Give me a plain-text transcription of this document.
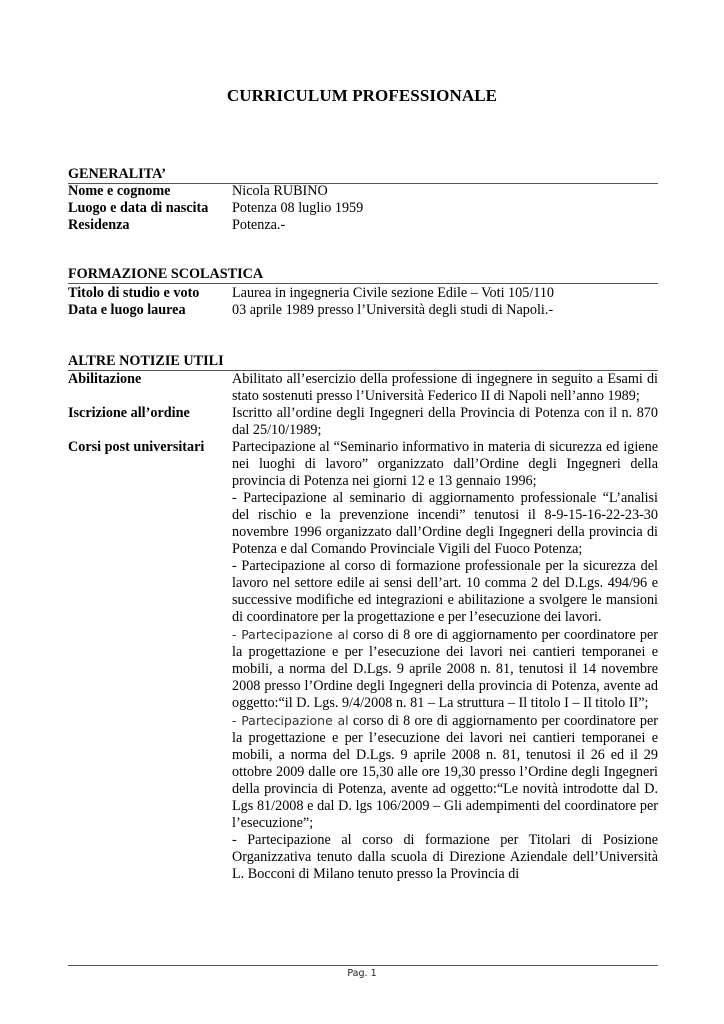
CURRICULUM PROFESSIONALE
GENERALITA’
Nome e cognome	Nicola RUBINO
Luogo e data di nascita	Potenza 08 luglio 1959
Residenza	Potenza.-
FORMAZIONE SCOLASTICA
Titolo di studio e voto	Laurea in ingegneria Civile sezione Edile – Voti 105/110
Data e luogo laurea	03 aprile 1989 presso l’Università degli studi di Napoli.-
ALTRE NOTIZIE UTILI
Abilitazione	Abilitato all’esercizio della professione di ingegnere in seguito a Esami di stato sostenuti presso l’Università Federico II di Napoli nell’anno 1989;
Iscrizione all’ordine	Iscritto all’ordine degli Ingegneri della Provincia di Potenza con il n. 870 dal 25/10/1989;
Corsi post universitari	Partecipazione al “Seminario informativo in materia di sicurezza ed igiene nei luoghi di lavoro” organizzato dall’Ordine degli Ingegneri della provincia di Potenza nei giorni 12 e 13 gennaio 1996;
- Partecipazione al seminario di aggiornamento professionale “L’analisi del rischio e la prevenzione incendi” tenutosi il 8-9-15-16-22-23-30 novembre 1996 organizzato dall’Ordine degli Ingegneri della provincia di Potenza e dal Comando Provinciale Vigili del Fuoco Potenza;
- Partecipazione al corso di formazione professionale per la sicurezza del lavoro nel settore edile ai sensi dell’art. 10 comma 2 del D.Lgs. 494/96 e successive modifiche ed integrazioni e abilitazione a svolgere le mansioni di coordinatore per la progettazione e per l’esecuzione dei lavori.
- Partecipazione al corso di 8 ore di aggiornamento per coordinatore per la progettazione e per l’esecuzione dei lavori nei cantieri temporanei e mobili, a norma del D.Lgs. 9 aprile 2008 n. 81, tenutosi il 14 novembre 2008 presso l’Ordine degli Ingegneri della provincia di Potenza, avente ad oggetto:“il D. Lgs. 9/4/2008 n. 81 – La struttura – Il titolo I – Il titolo II”;
- Partecipazione al corso di 8 ore di aggiornamento per coordinatore per la progettazione e per l’esecuzione dei lavori nei cantieri temporanei e mobili, a norma del D.Lgs. 9 aprile 2008 n. 81, tenutosi il 26 ed il 29 ottobre 2009 dalle ore 15,30 alle ore 19,30 presso l’Ordine degli Ingegneri della provincia di Potenza, avente ad oggetto:“Le novità introdotte dal D. Lgs 81/2008 e dal D. lgs 106/2009 – Gli adempimenti del coordinatore per l’esecuzione”;
- Partecipazione al corso di formazione per Titolari di Posizione Organizzativa tenuto dalla scuola di Direzione Aziendale dell’Università L. Bocconi di Milano tenuto presso la Provincia di
Pag. 1
